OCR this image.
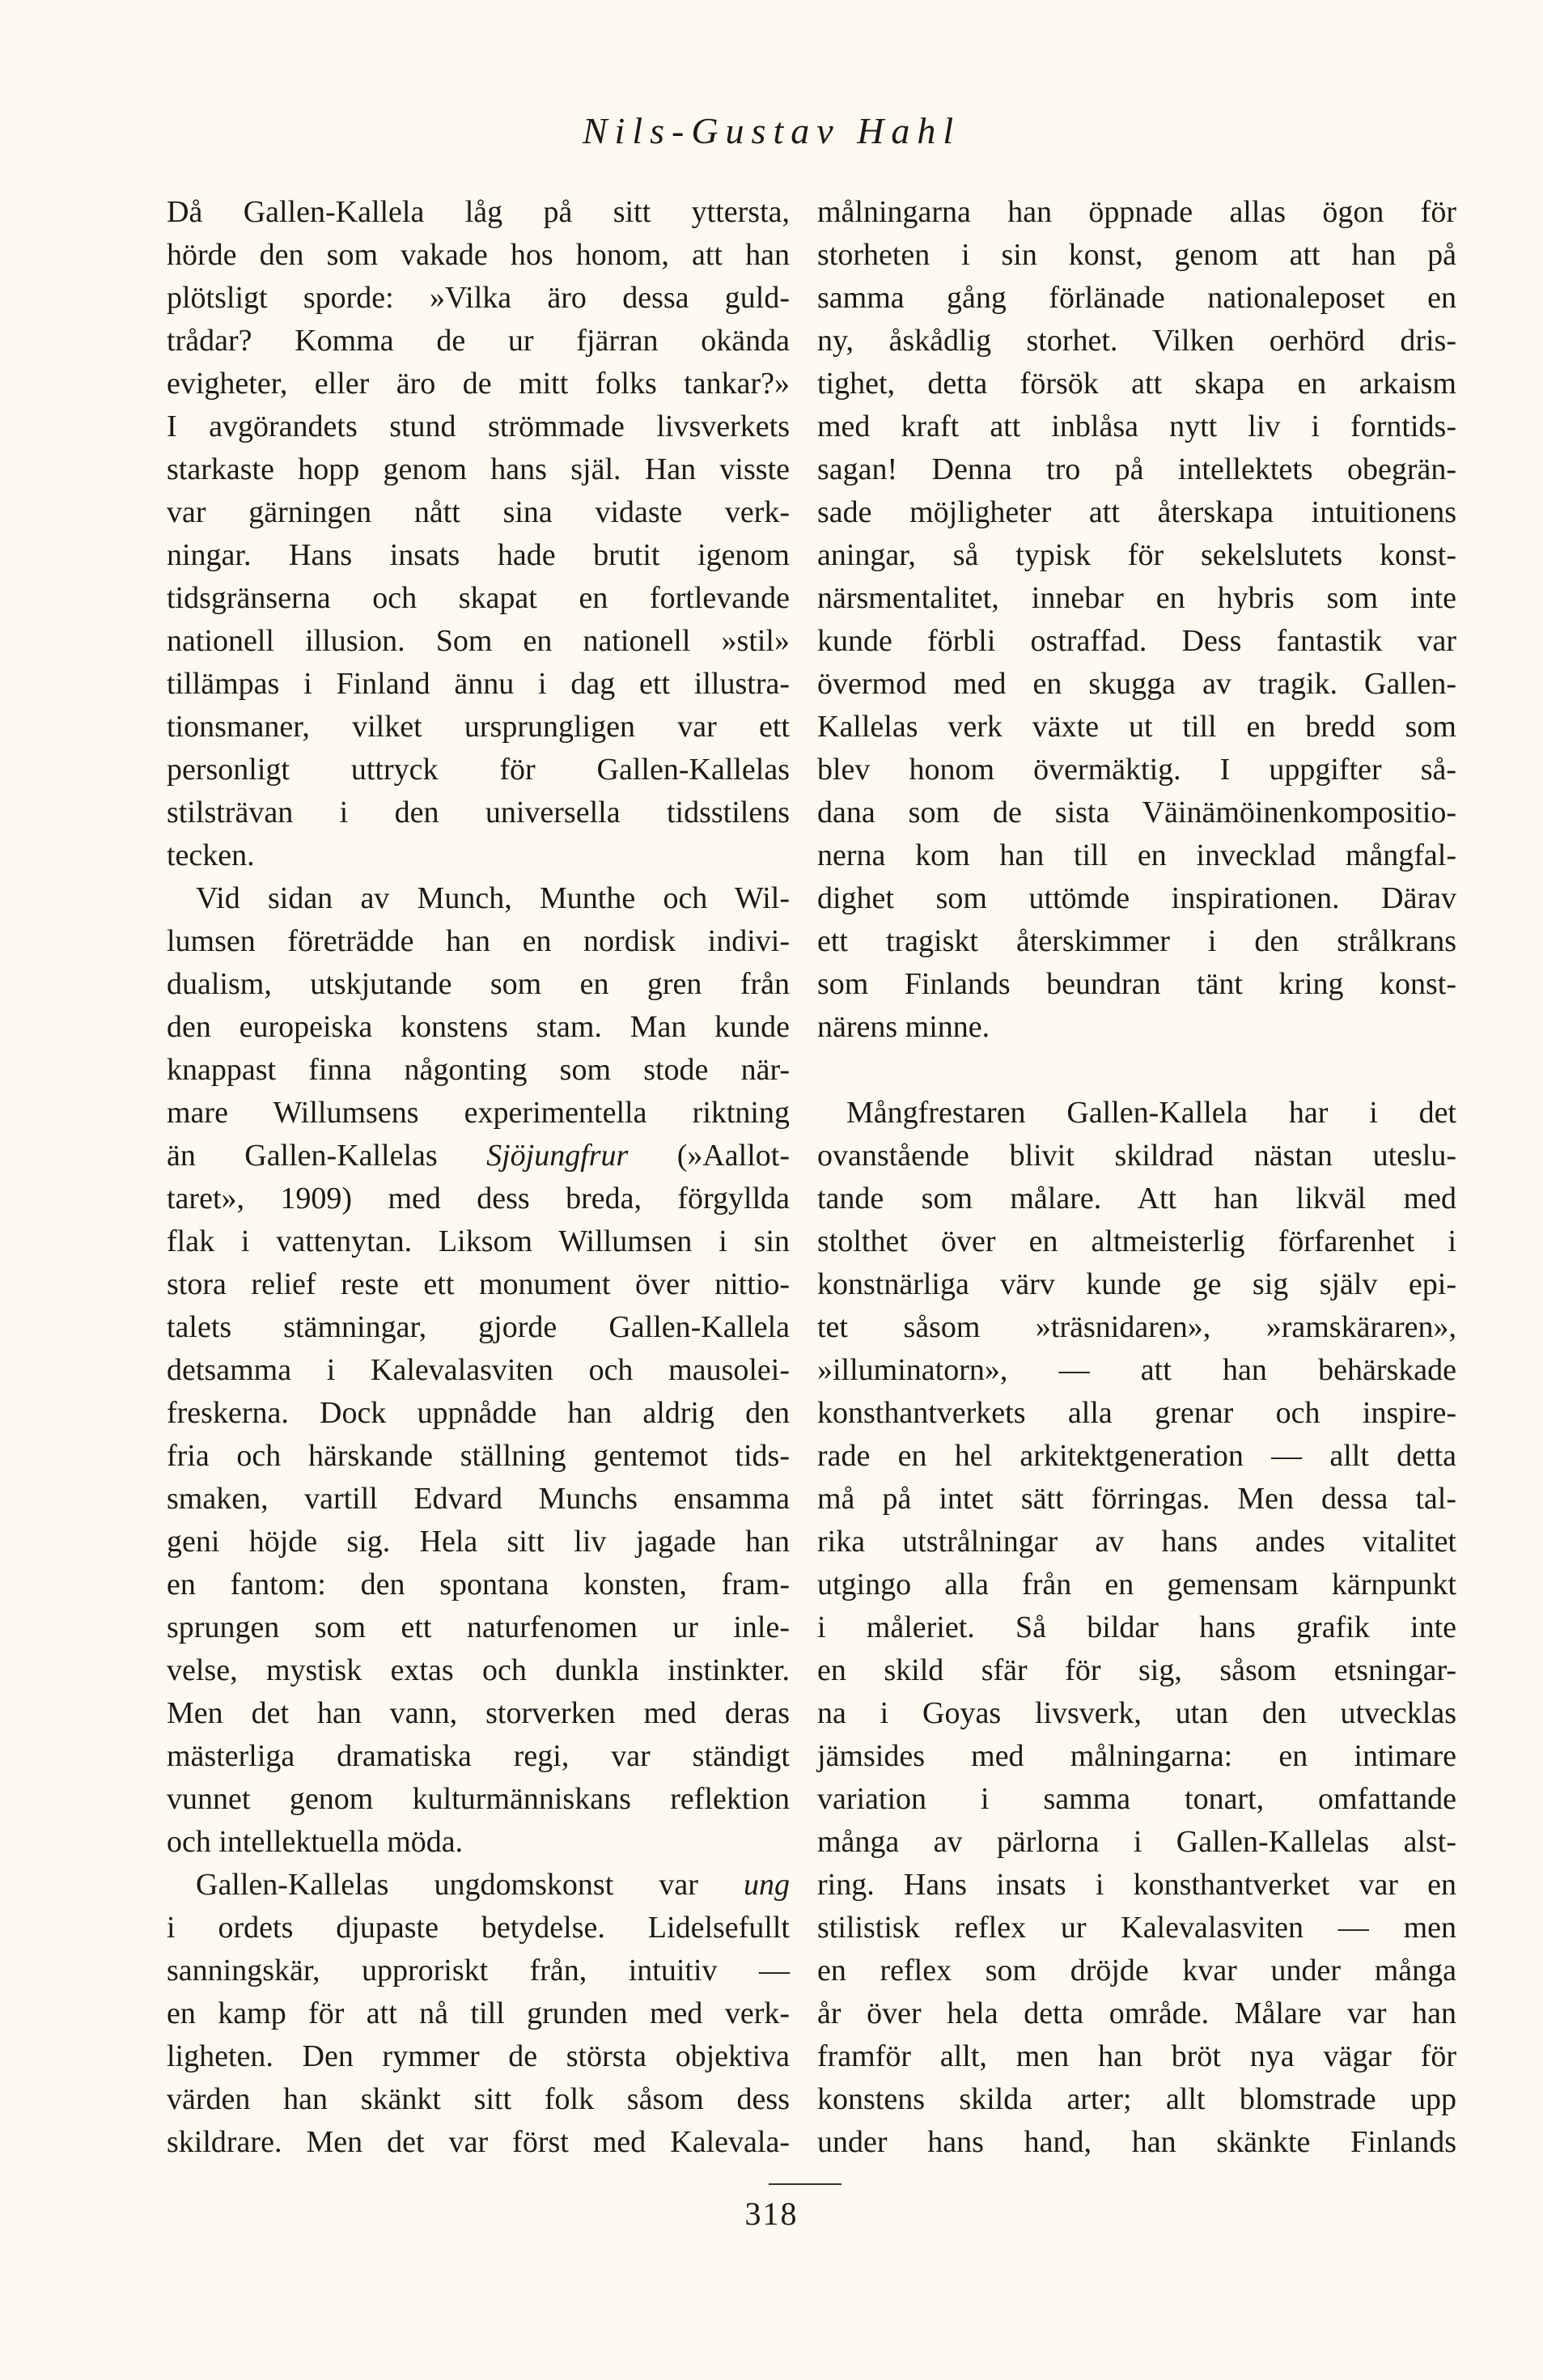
Nils-Gustav Hahl
Då Gallen-Kallela låg på sitt yttersta,
hörde den som vakade hos honom, att han
plötsligt sporde: »Vilka äro dessa guld-
trådar? Komma de ur fjärran okända
evigheter, eller äro de mitt folks tankar?»
I avgörandets stund strömmade livsverkets
starkaste hopp genom hans själ. Han visste
var gärningen nått sina vidaste verk-
ningar. Hans insats hade brutit igenom
tidsgränserna och skapat en fortlevande
nationell illusion. Som en nationell »stil»
tillämpas i Finland ännu i dag ett illustra-
tionsmaner, vilket ursprungligen var ett
personligt uttryck för Gallen-Kallelas
stilsträvan i den universella tidsstilens
tecken.
Vid sidan av Munch, Munthe och Wil-
lumsen företrädde han en nordisk indivi-
dualism, utskjutande som en gren från
den europeiska konstens stam. Man kunde
knappast finna någonting som stode när-
mare Willumsens experimentella riktning
än Gallen-Kallelas Sjöjungfrur (»Aallot-
taret», 1909) med dess breda, förgyllda
flak i vattenytan. Liksom Willumsen i sin
stora relief reste ett monument över nittio-
talets stämningar, gjorde Gallen-Kallela
detsamma i Kalevalasviten och mausolei-
freskerna. Dock uppnådde han aldrig den
fria och härskande ställning gentemot tids-
smaken, vartill Edvard Munchs ensamma
geni höjde sig. Hela sitt liv jagade han
en fantom: den spontana konsten, fram-
sprungen som ett naturfenomen ur inle-
velse, mystisk extas och dunkla instinkter.
Men det han vann, storverken med deras
mästerliga dramatiska regi, var ständigt
vunnet genom kulturmänniskans reflektion
och intellektuella möda.
Gallen-Kallelas ungdomskonst var ung
i ordets djupaste betydelse. Lidelsefullt
sanningskär, upproriskt från, intuitiv —
en kamp för att nå till grunden med verk-
ligheten. Den rymmer de största objektiva
värden han skänkt sitt folk såsom dess
skildrare. Men det var först med Kalevala-
målningarna han öppnade allas ögon för
storheten i sin konst, genom att han på
samma gång förlänade nationaleposet en
ny, åskådlig storhet. Vilken oerhörd dris-
tighet, detta försök att skapa en arkaism
med kraft att inblåsa nytt liv i forntids-
sagan! Denna tro på intellektets obegrän-
sade möjligheter att återskapa intuitionens
aningar, så typisk för sekelslutets konst-
närsmentalitet, innebar en hybris som inte
kunde förbli ostraffad. Dess fantastik var
övermod med en skugga av tragik. Gallen-
Kallelas verk växte ut till en bredd som
blev honom övermäktig. I uppgifter så-
dana som de sista Väinämöinenkompositio-
nerna kom han till en invecklad mångfal-
dighet som uttömde inspirationen. Därav
ett tragiskt återskimmer i den strålkrans
som Finlands beundran tänt kring konst-
närens minne.
Mångfrestaren Gallen-Kallela har i det
ovanstående blivit skildrad nästan uteslu-
tande som målare. Att han likväl med
stolthet över en altmeisterlig förfarenhet i
konstnärliga värv kunde ge sig själv epi-
tet såsom »träsnidaren», »ramskäraren»,
»illuminatorn», — att han behärskade
konsthantverkets alla grenar och inspire-
rade en hel arkitektgeneration — allt detta
må på intet sätt förringas. Men dessa tal-
rika utstrålningar av hans andes vitalitet
utgingo alla från en gemensam kärnpunkt
i måleriet. Så bildar hans grafik inte
en skild sfär för sig, såsom etsningar-
na i Goyas livsverk, utan den utvecklas
jämsides med målningarna: en intimare
variation i samma tonart, omfattande
många av pärlorna i Gallen-Kallelas alst-
ring. Hans insats i konsthantverket var en
stilistisk reflex ur Kalevalasviten — men
en reflex som dröjde kvar under många
år över hela detta område. Målare var han
framför allt, men han bröt nya vägar för
konstens skilda arter; allt blomstrade upp
under hans hand, han skänkte Finlands
318
